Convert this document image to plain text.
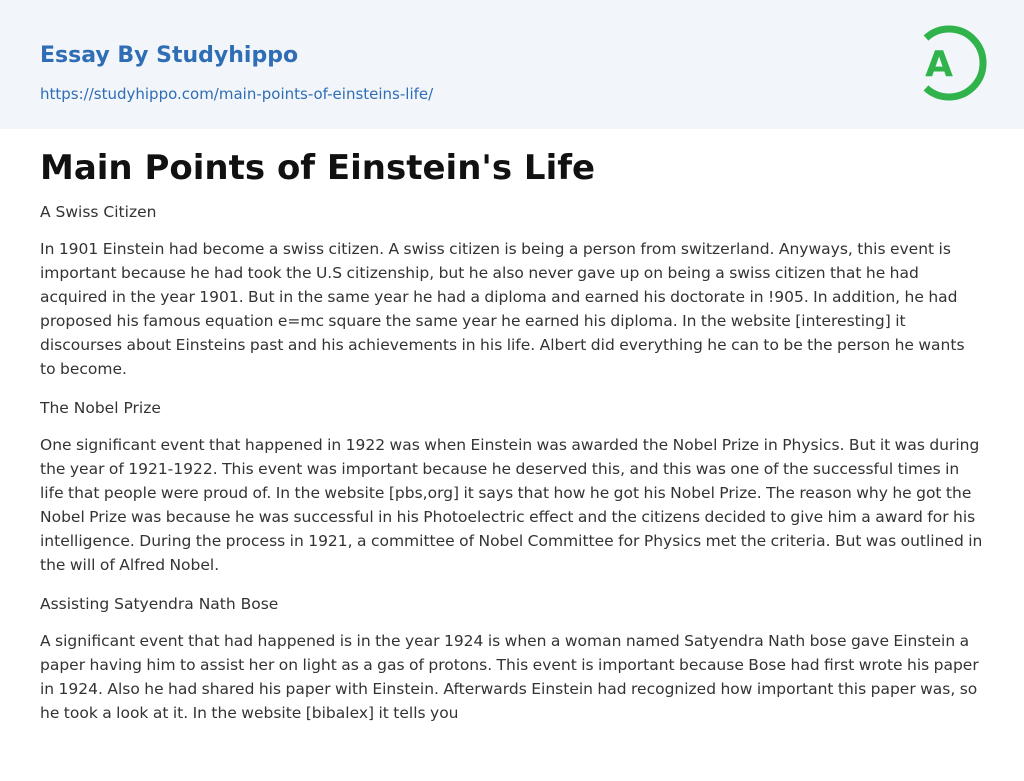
Essay By Studyhippo
https://studyhippo.com/main-points-of-einsteins-life/
A
Main Points of Einstein's Life

A Swiss Citizen

In 1901 Einstein had become a swiss citizen. A swiss citizen is being a person from switzerland. Anyways, this event is important because he had took the U.S citizenship, but he also never gave up on being a swiss citizen that he had acquired in the year 1901. But in the same year he had a diploma and earned his doctorate in !905. In addition, he had proposed his famous equation e=mc square the same year he earned his diploma. In the website [interesting] it discourses about Einsteins past and his achievements in his life. Albert did everything he can to be the person he wants to become.

The Nobel Prize

One significant event that happened in 1922 was when Einstein was awarded the Nobel Prize in Physics. But it was during the year of 1921-1922. This event was important because he deserved this, and this was one of the successful times in life that people were proud of. In the website [pbs,org] it says that how he got his Nobel Prize. The reason why he got the Nobel Prize was because he was successful in his Photoelectric effect and the citizens decided to give him a award for his intelligence. During the process in 1921, a committee of Nobel Committee for Physics met the criteria. But was outlined in the will of Alfred Nobel.

Assisting Satyendra Nath Bose

A significant event that had happened is in the year 1924 is when a woman named Satyendra Nath bose gave Einstein a paper having him to assist her on light as a gas of protons. This event is important because Bose had first wrote his paper in 1924. Also he had shared his paper with Einstein. Afterwards Einstein had recognized how important this paper was, so he took a look at it. In the website [bibalex] it tells you
